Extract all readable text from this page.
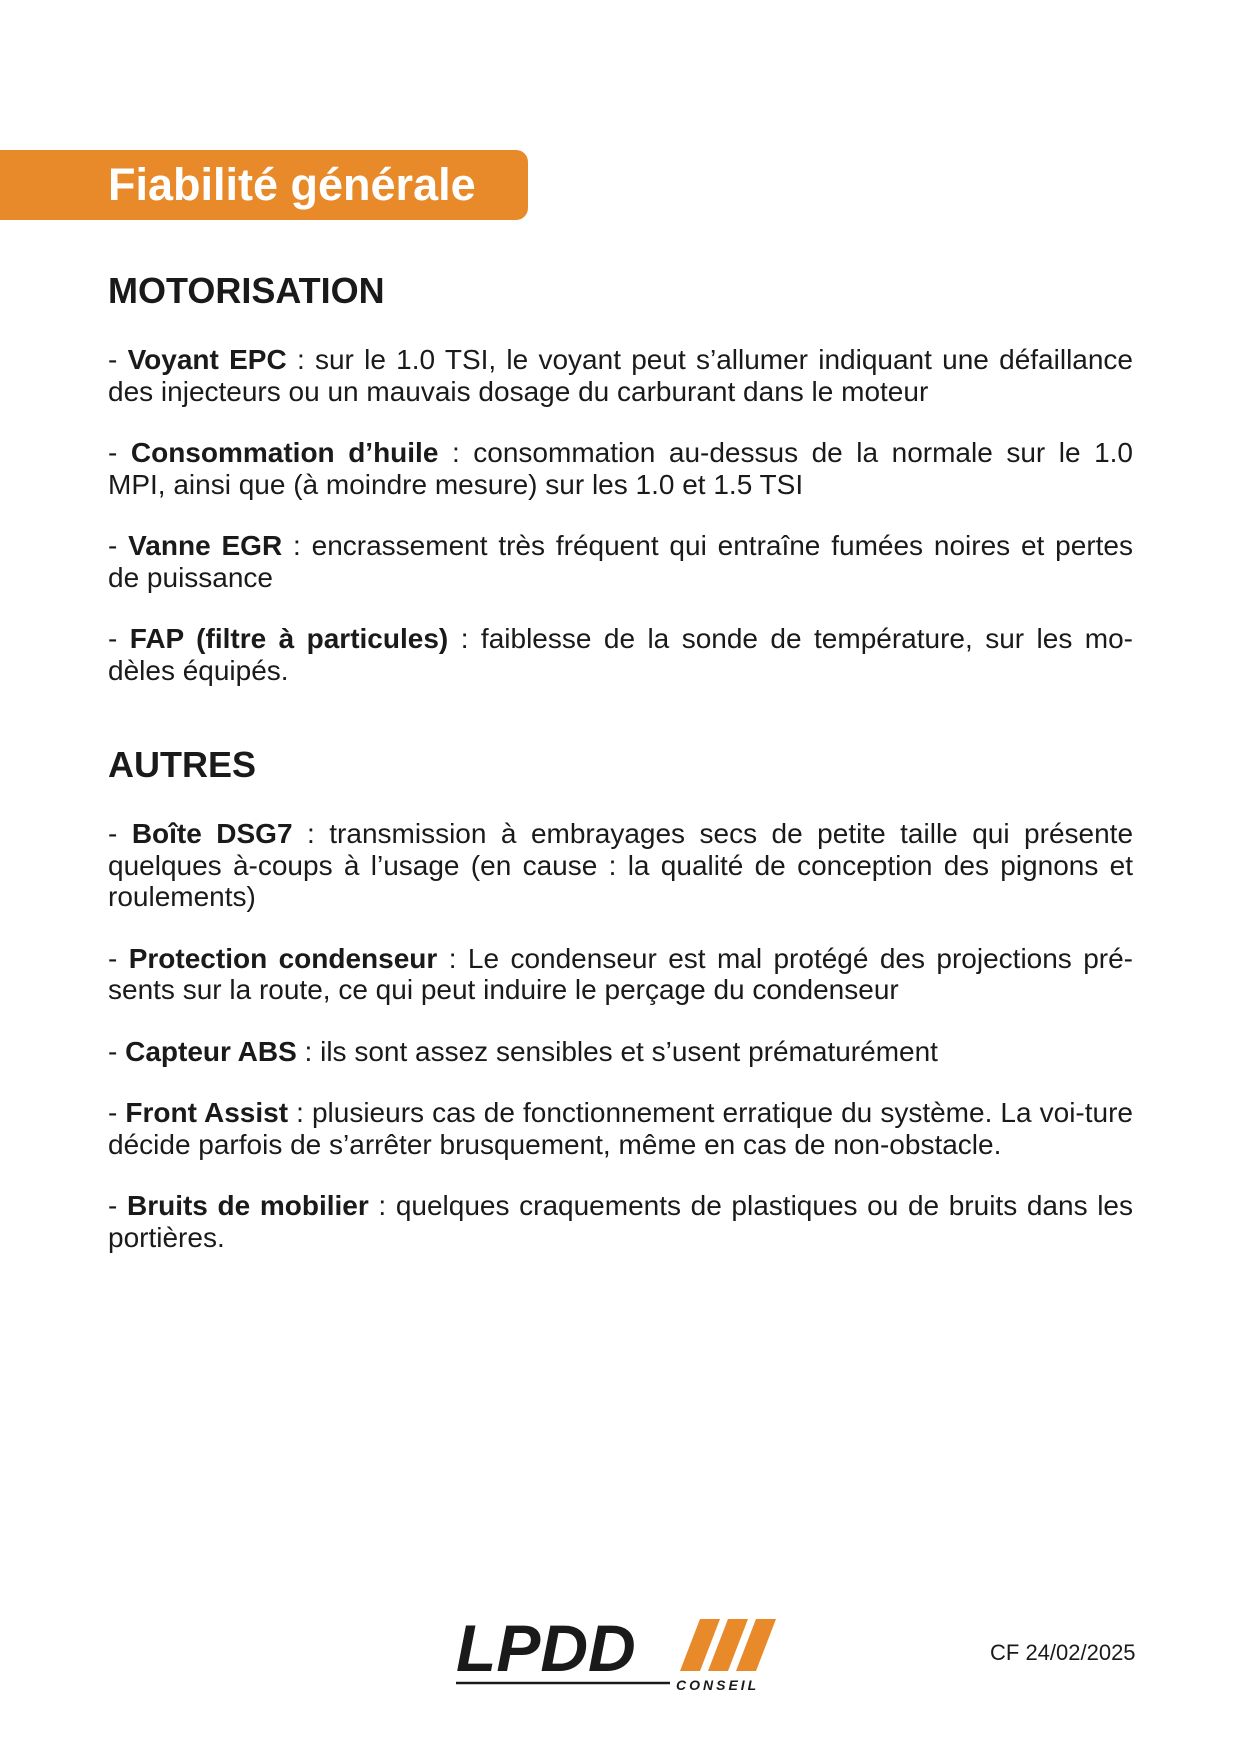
Fiabilité générale
MOTORISATION
- Voyant EPC : sur le 1.0 TSI, le voyant peut s’allumer indiquant une défaillance des injecteurs ou un mauvais dosage du carburant dans le moteur
- Consommation d’huile : consommation au-dessus de la normale sur le 1.0 MPI, ainsi que (à moindre mesure) sur les 1.0 et 1.5 TSI
- Vanne EGR : encrassement très fréquent qui entraîne fumées noires et pertes de puissance
- FAP (filtre à particules) : faiblesse de la sonde de température, sur les mo-dèles équipés.
AUTRES
- Boîte DSG7 : transmission à embrayages secs de petite taille qui présente quelques à-coups à l’usage (en cause : la qualité de conception des pignons et roulements)
- Protection condenseur : Le condenseur est mal protégé des projections pré-sents sur la route, ce qui peut induire le perçage du condenseur
- Capteur ABS : ils sont assez sensibles et s’usent prématurément
- Front Assist : plusieurs cas de fonctionnement erratique du système. La voi-ture décide parfois de s’arrêter brusquement, même en cas de non-obstacle.
- Bruits de mobilier : quelques craquements de plastiques ou de bruits dans les portières.
LPDD	CONSEIL
CF 24/02/2025
